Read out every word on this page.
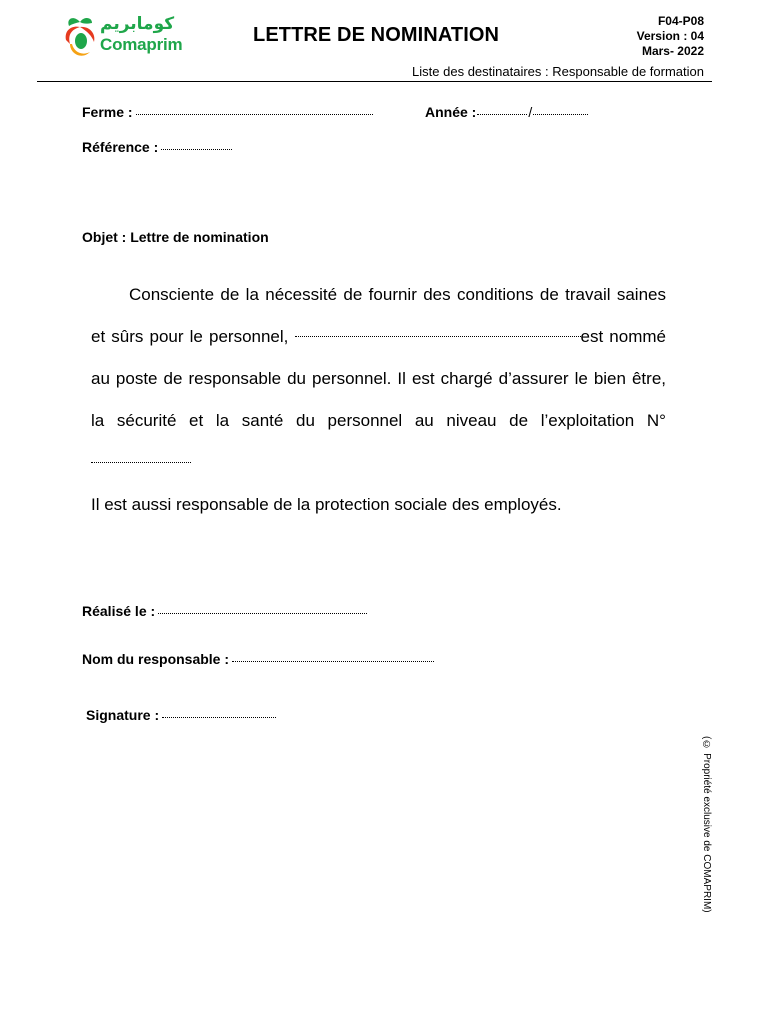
كومابريم
Comaprim	LETTRE DE NOMINATION
F04-P08
Version : 04
Mars- 2022
Liste des destinataires : Responsable de formation
Ferme :	Année :	/
Référence :
Objet : Lettre de nomination
Consciente de la nécessité de fournir des conditions de travail saines et sûrs pour le personnel,	est nommé au poste de responsable du personnel. Il est chargé d’assurer le bien être, la sécurité et la santé du personnel au niveau de l’exploitation N°
Il est aussi responsable de la protection sociale des employés.
Réalisé le :
Nom du responsable :
Signature :
(© Propriété exclusive de COMAPRIM)
